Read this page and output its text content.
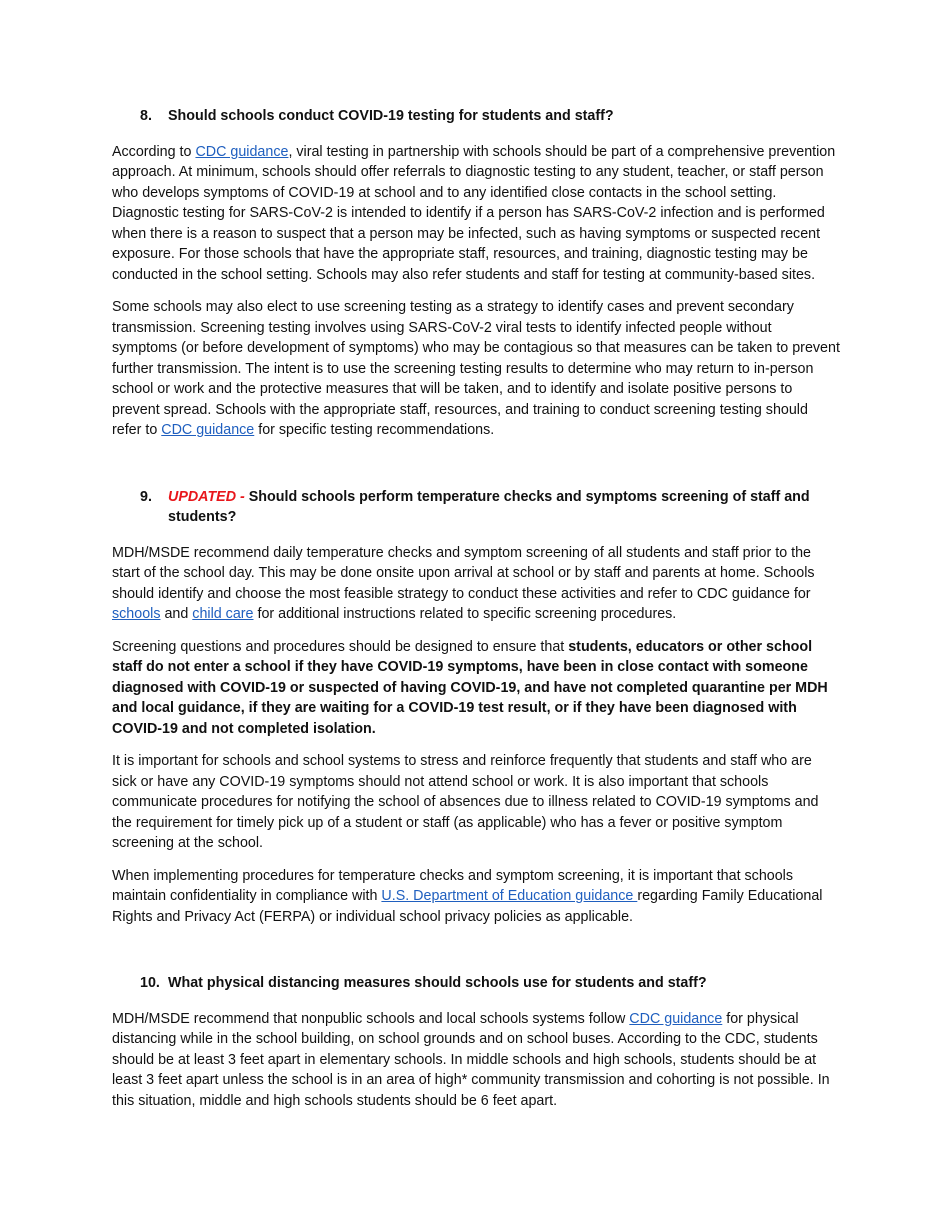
8. Should schools conduct COVID-19 testing for students and staff?

According to CDC guidance, viral testing in partnership with schools should be part of a comprehensive prevention approach. At minimum, schools should offer referrals to diagnostic testing to any student, teacher, or staff person who develops symptoms of COVID-19 at school and to any identified close contacts in the school setting. Diagnostic testing for SARS-CoV-2 is intended to identify if a person has SARS-CoV-2 infection and is performed when there is a reason to suspect that a person may be infected, such as having symptoms or suspected recent exposure. For those schools that have the appropriate staff, resources, and training, diagnostic testing may be conducted in the school setting. Schools may also refer students and staff for testing at community-based sites.

Some schools may also elect to use screening testing as a strategy to identify cases and prevent secondary transmission. Screening testing involves using SARS-CoV-2 viral tests to identify infected people without symptoms (or before development of symptoms) who may be contagious so that measures can be taken to prevent further transmission. The intent is to use the screening testing results to determine who may return to in-person school or work and the protective measures that will be taken, and to identify and isolate positive persons to prevent spread. Schools with the appropriate staff, resources, and training to conduct screening testing should refer to CDC guidance for specific testing recommendations.

9. UPDATED - Should schools perform temperature checks and symptoms screening of staff and students?

MDH/MSDE recommend daily temperature checks and symptom screening of all students and staff prior to the start of the school day. This may be done onsite upon arrival at school or by staff and parents at home. Schools should identify and choose the most feasible strategy to conduct these activities and refer to CDC guidance for schools and child care for additional instructions related to specific screening procedures.

Screening questions and procedures should be designed to ensure that students, educators or other school staff do not enter a school if they have COVID-19 symptoms, have been in close contact with someone diagnosed with COVID-19 or suspected of having COVID-19, and have not completed quarantine per MDH and local guidance, if they are waiting for a COVID-19 test result, or if they have been diagnosed with COVID-19 and not completed isolation.

It is important for schools and school systems to stress and reinforce frequently that students and staff who are sick or have any COVID-19 symptoms should not attend school or work. It is also important that schools communicate procedures for notifying the school of absences due to illness related to COVID-19 symptoms and the requirement for timely pick up of a student or staff (as applicable) who has a fever or positive symptom screening at the school.

When implementing procedures for temperature checks and symptom screening, it is important that schools maintain confidentiality in compliance with U.S. Department of Education guidance regarding Family Educational Rights and Privacy Act (FERPA) or individual school privacy policies as applicable.

10. What physical distancing measures should schools use for students and staff?

MDH/MSDE recommend that nonpublic schools and local schools systems follow CDC guidance for physical distancing while in the school building, on school grounds and on school buses. According to the CDC, students should be at least 3 feet apart in elementary schools. In middle schools and high schools, students should be at least 3 feet apart unless the school is in an area of high* community transmission and cohorting is not possible. In this situation, middle and high schools students should be 6 feet apart.
